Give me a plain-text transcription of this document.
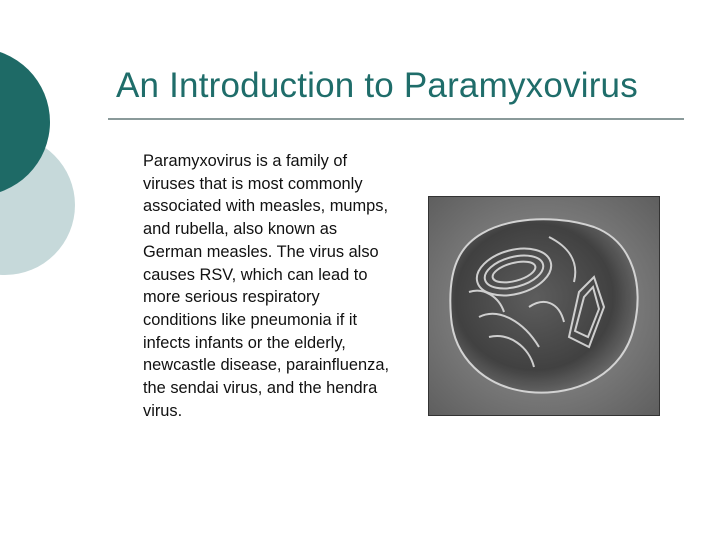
An Introduction to Paramyxovirus

Paramyxovirus is a family of viruses that is most commonly associated with measles, mumps, and rubella, also known as German measles. The virus also causes RSV, which can lead to more serious respiratory conditions like pneumonia if it infects infants or the elderly, newcastle disease, parainfluenza, the sendai virus, and the hendra virus.
